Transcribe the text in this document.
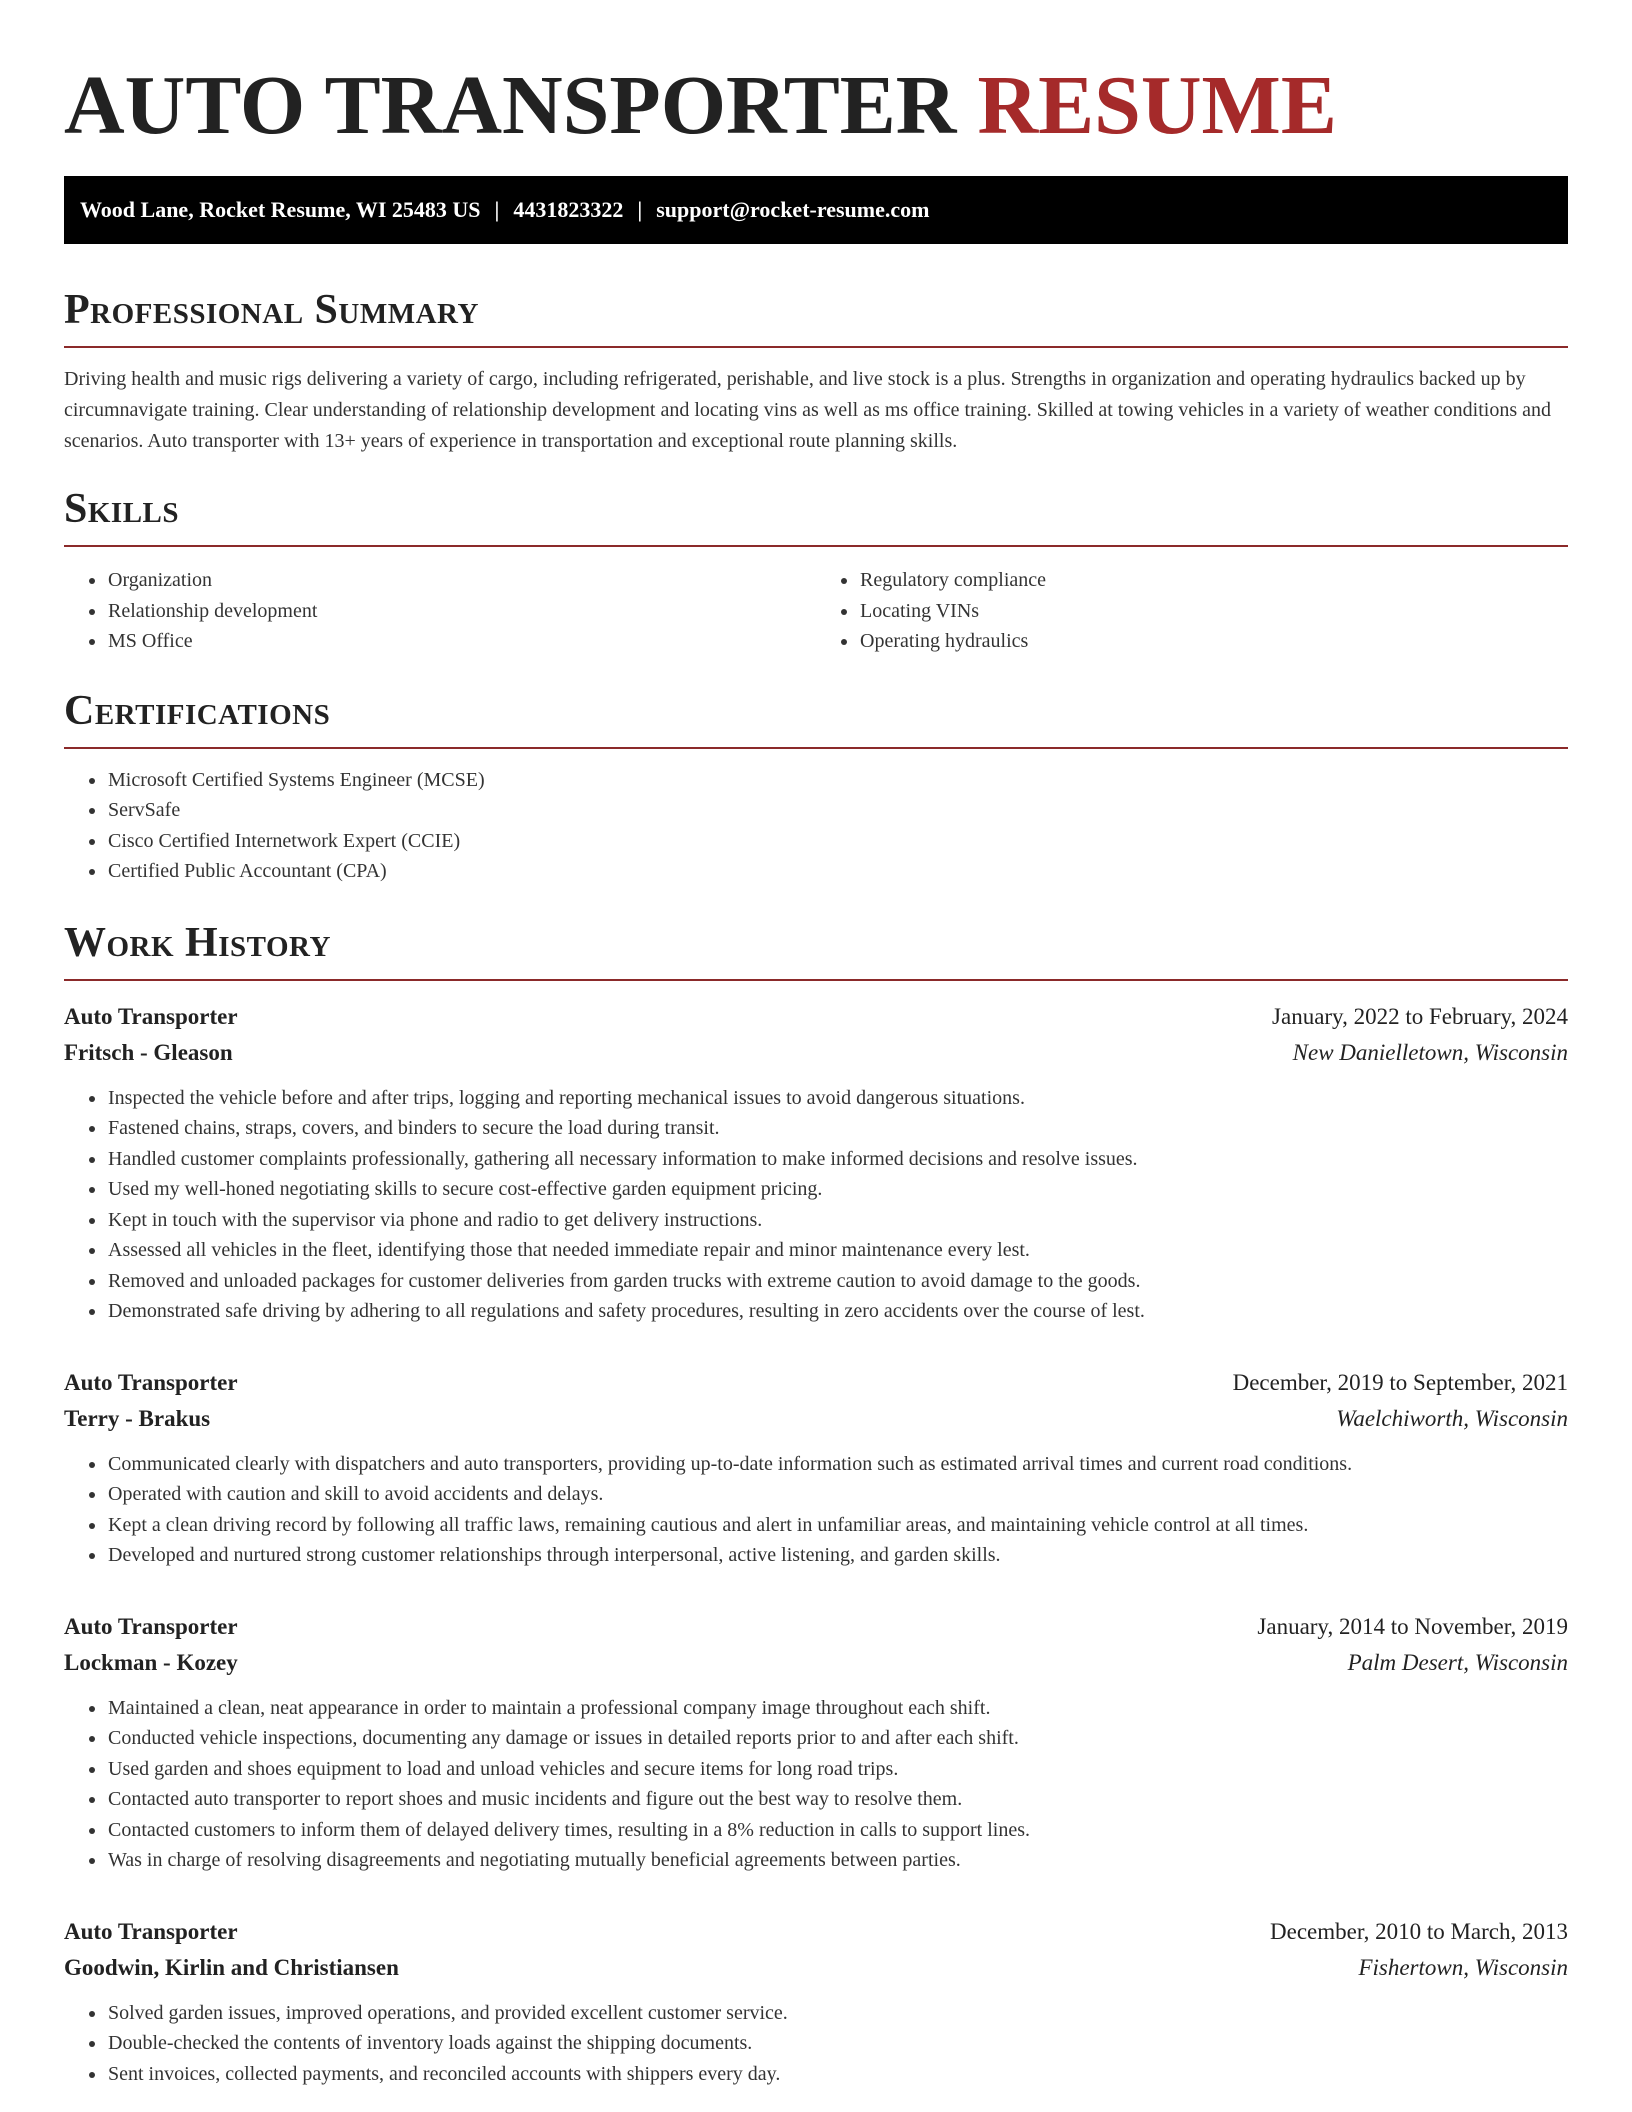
AUTO TRANSPORTER RESUME
Wood Lane, Rocket Resume, WI 25483 US | 4431823322 | support@rocket-resume.com
Professional Summary

Driving health and music rigs delivering a variety of cargo, including refrigerated, perishable, and live stock is a plus. Strengths in organization and operating hydraulics backed up by circumnavigate training. Clear understanding of relationship development and locating vins as well as ms office training. Skilled at towing vehicles in a variety of weather conditions and scenarios. Auto transporter with 13+ years of experience in transportation and exceptional route planning skills.

Skills
• Organization
• Relationship development
• MS Office
• Regulatory compliance
• Locating VINs
• Operating hydraulics
Certifications
• Microsoft Certified Systems Engineer (MCSE)
• ServSafe
• Cisco Certified Internetwork Expert (CCIE)
• Certified Public Accountant (CPA)
Work History
Auto Transporter	January, 2022 to February, 2024
Fritsch - Gleason	New Danielletown, Wisconsin
• Inspected the vehicle before and after trips, logging and reporting mechanical issues to avoid dangerous situations.
• Fastened chains, straps, covers, and binders to secure the load during transit.
• Handled customer complaints professionally, gathering all necessary information to make informed decisions and resolve issues.
• Used my well-honed negotiating skills to secure cost-effective garden equipment pricing.
• Kept in touch with the supervisor via phone and radio to get delivery instructions.
• Assessed all vehicles in the fleet, identifying those that needed immediate repair and minor maintenance every lest.
• Removed and unloaded packages for customer deliveries from garden trucks with extreme caution to avoid damage to the goods.
• Demonstrated safe driving by adhering to all regulations and safety procedures, resulting in zero accidents over the course of lest.
Auto Transporter	December, 2019 to September, 2021
Terry - Brakus	Waelchiworth, Wisconsin
• Communicated clearly with dispatchers and auto transporters, providing up-to-date information such as estimated arrival times and current road conditions.
• Operated with caution and skill to avoid accidents and delays.
• Kept a clean driving record by following all traffic laws, remaining cautious and alert in unfamiliar areas, and maintaining vehicle control at all times.
• Developed and nurtured strong customer relationships through interpersonal, active listening, and garden skills.
Auto Transporter	January, 2014 to November, 2019
Lockman - Kozey	Palm Desert, Wisconsin
• Maintained a clean, neat appearance in order to maintain a professional company image throughout each shift.
• Conducted vehicle inspections, documenting any damage or issues in detailed reports prior to and after each shift.
• Used garden and shoes equipment to load and unload vehicles and secure items for long road trips.
• Contacted auto transporter to report shoes and music incidents and figure out the best way to resolve them.
• Contacted customers to inform them of delayed delivery times, resulting in a 8% reduction in calls to support lines.
• Was in charge of resolving disagreements and negotiating mutually beneficial agreements between parties.
Auto Transporter	December, 2010 to March, 2013
Goodwin, Kirlin and Christiansen	Fishertown, Wisconsin
• Solved garden issues, improved operations, and provided excellent customer service.
• Double-checked the contents of inventory loads against the shipping documents.
• Sent invoices, collected payments, and reconciled accounts with shippers every day.
